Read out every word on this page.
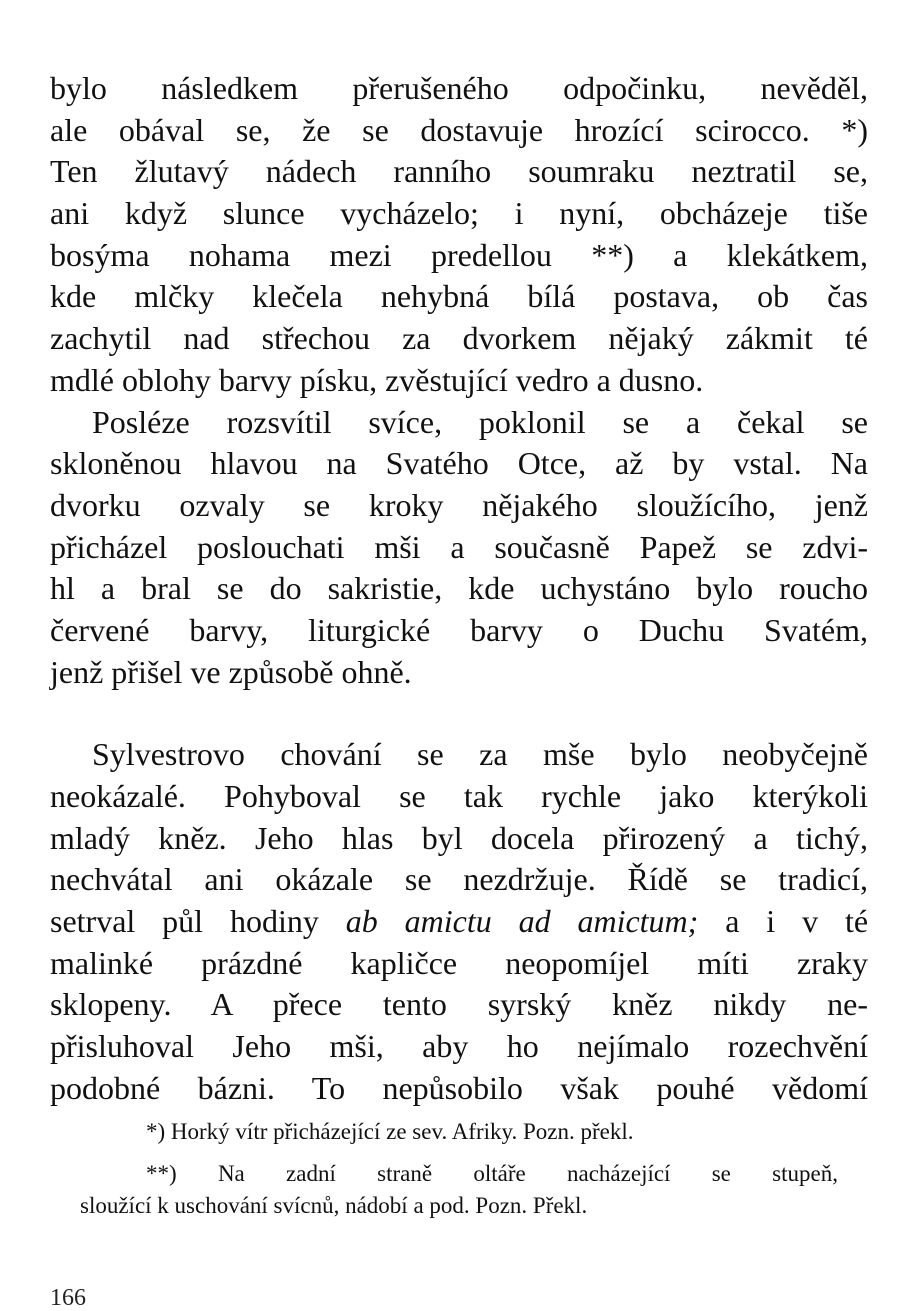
bylo následkem přerušeného odpočinku, nevěděl,
ale obával se, že se dostavuje hrozící scirocco. *)
Ten žlutavý nádech ranního soumraku neztratil se,
ani když slunce vycházelo; i nyní, obcházeje tiše
bosýma nohama mezi predellou **) a klekátkem,
kde mlčky klečela nehybná bílá postava, ob čas
zachytil nad střechou za dvorkem nějaký zákmit té
mdlé oblohy barvy písku, zvěstující vedro a dusno.
Posléze rozsvítil svíce, poklonil se a čekal se
skloněnou hlavou na Svatého Otce, až by vstal. Na
dvorku ozvaly se kroky nějakého sloužícího, jenž
přicházel poslouchati mši a současně Papež se zdvi-
hl a bral se do sakristie, kde uchystáno bylo roucho
červené barvy, liturgické barvy o Duchu Svatém,
jenž přišel ve způsobě ohně.
Sylvestrovo chování se za mše bylo neobyčejně
neokázalé. Pohyboval se tak rychle jako kterýkoli
mladý kněz. Jeho hlas byl docela přirozený a tichý,
nechvátal ani okázale se nezdržuje. Řídě se tradicí,
setrval půl hodiny ab amictu ad amictum; a i v té
malinké prázdné kapličce neopomíjel míti zraky
sklopeny. A přece tento syrský kněz nikdy ne-
přisluhoval Jeho mši, aby ho nejímalo rozechvění
podobné bázni. To nepůsobilo však pouhé vědomí
*) Horký vítr přicházející ze sev. Afriky. Pozn. překl.
**) Na zadní straně oltáře nacházející se stupeň,
sloužící k uschování svícnů, nádobí a pod. Pozn. Překl.
166
